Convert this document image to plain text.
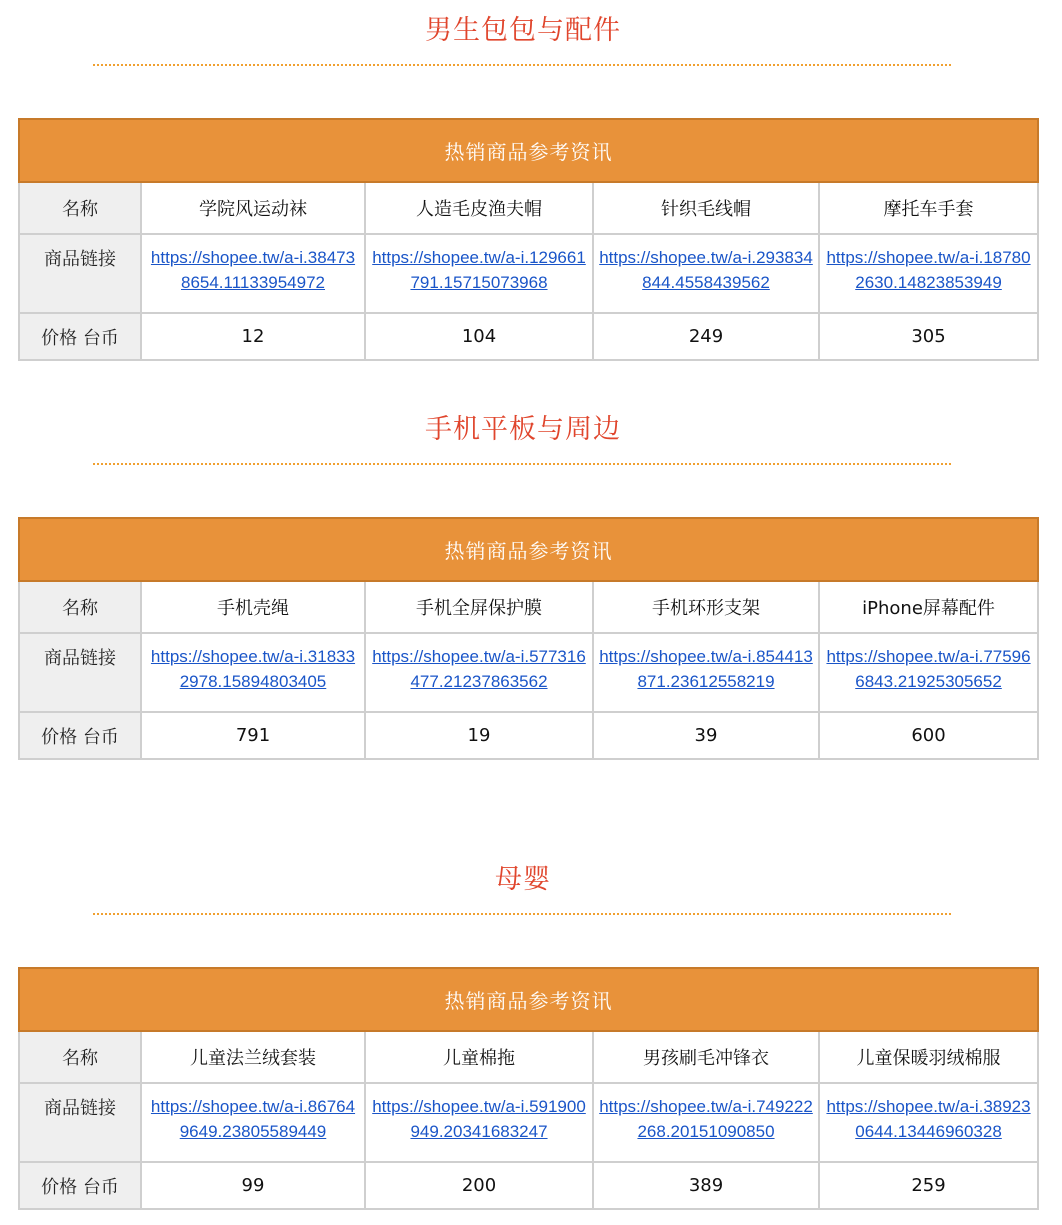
男生包包与配件
热销商品参考资讯				
名称	学院风运动袜	人造毛皮渔夫帽	针织毛线帽	摩托车手套
商品链接	https://shopee.tw/a-i.384738654.11133954972	https://shopee.tw/a-i.129661791.15715073968	https://shopee.tw/a-i.293834844.4558439562	https://shopee.tw/a-i.187802630.14823853949

价格 台币	12	104	249	305
手机平板与周边
热销商品参考资讯				
名称	手机壳绳	手机全屏保护膜	手机环形支架	iPhone屏幕配件
商品链接	https://shopee.tw/a-i.318332978.15894803405	https://shopee.tw/a-i.577316477.21237863562	https://shopee.tw/a-i.854413871.23612558219	https://shopee.tw/a-i.775966843.21925305652

价格 台币	791	19	39	600
母婴
热销商品参考资讯				
名称	儿童法兰绒套装	儿童棉拖	男孩刷毛冲锋衣	儿童保暖羽绒棉服
商品链接	https://shopee.tw/a-i.867649649.23805589449	https://shopee.tw/a-i.591900949.20341683247	https://shopee.tw/a-i.749222268.20151090850	https://shopee.tw/a-i.389230644.13446960328

价格 台币	99	200	389	259
